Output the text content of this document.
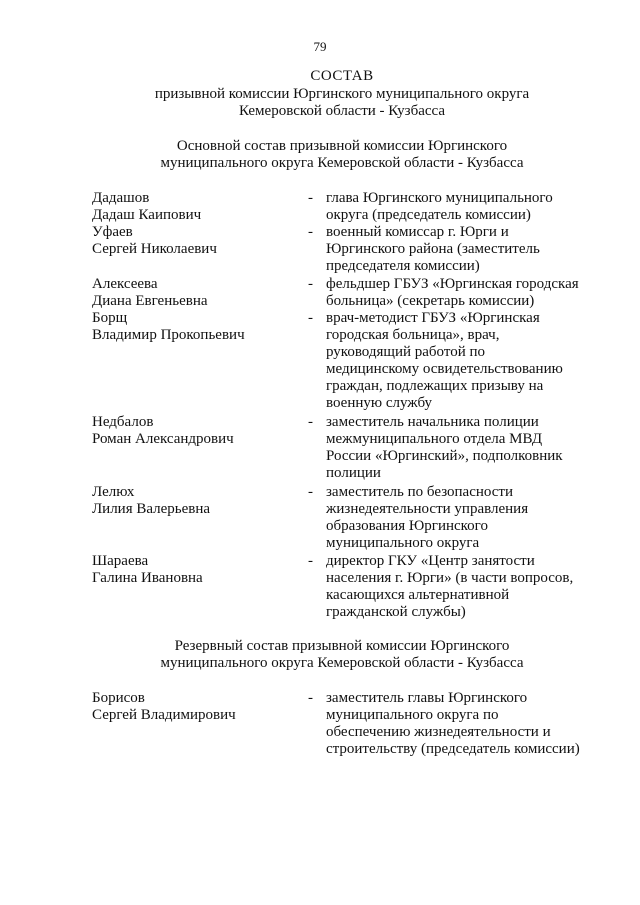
79
СОСТАВ
призывной комиссии Юргинского муниципального округа
Кемеровской области - Кузбасса
Основной состав призывной комиссии Юргинского
муниципального округа Кемеровской области - Кузбасса
Дадашов
Дадаш Каипович
- глава Юргинского муниципального
округа (председатель комиссии)
Уфаев
Сергей Николаевич
- военный комиссар г. Юрги и
Юргинского района (заместитель
председателя комиссии)
Алексеева
Диана Евгеньевна
- фельдшер ГБУЗ «Юргинская городская
больница» (секретарь комиссии)
Борщ
Владимир Прокопьевич
- врач-методист ГБУЗ «Юргинская
городская больница», врач,
руководящий работой по
медицинскому освидетельствованию
граждан, подлежащих призыву на
военную службу
Недбалов
Роман Александрович
- заместитель начальника полиции
межмуниципального отдела МВД
России «Юргинский», подполковник
полиции
Лелюх
Лилия Валерьевна
- заместитель по безопасности
жизнедеятельности управления
образования Юргинского
муниципального округа
Шараева
Галина Ивановна
- директор ГКУ «Центр занятости
населения г. Юрги» (в части вопросов,
касающихся альтернативной
гражданской службы)
Резервный состав призывной комиссии Юргинского
муниципального округа Кемеровской области - Кузбасса
Борисов
Сергей Владимирович
- заместитель главы Юргинского
муниципального округа по
обеспечению жизнедеятельности и
строительству (председатель комиссии)
